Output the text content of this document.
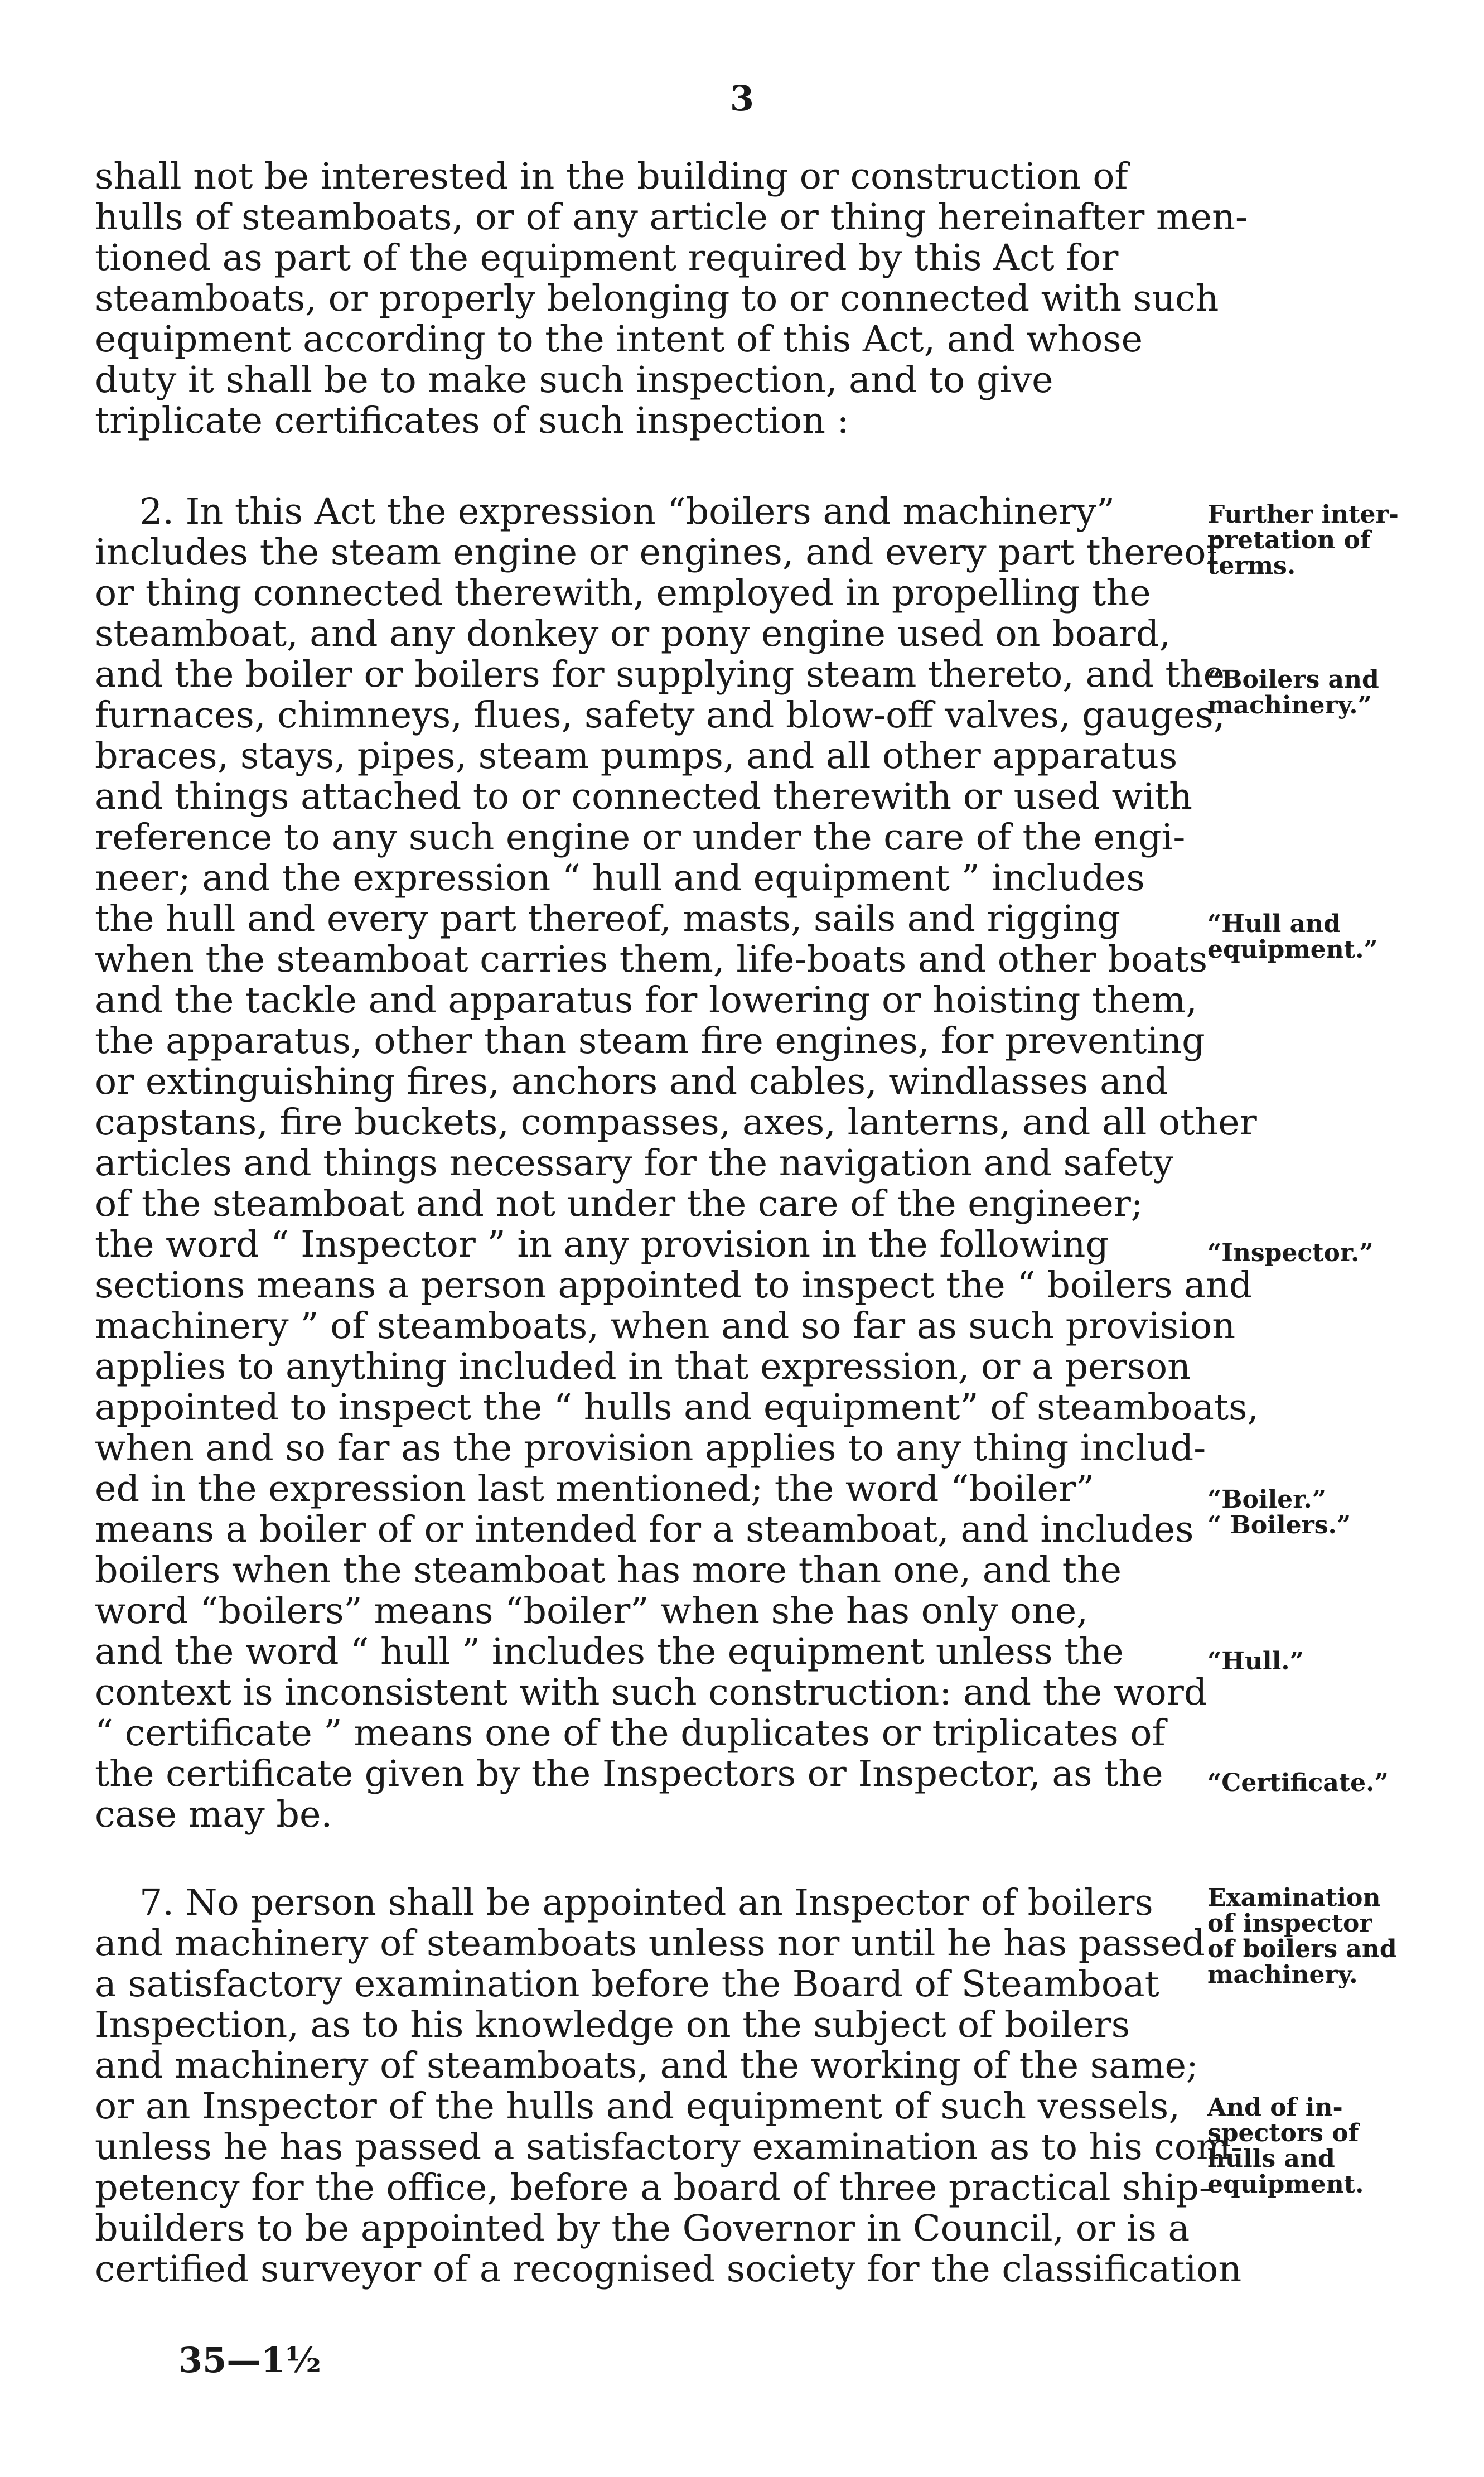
3
shall not be interested in the building or construction of
hulls of steamboats, or of any article or thing hereinafter men-
tioned as part of the equipment required by this Act for
steamboats, or properly belonging to or connected with such
equipment according to the intent of this Act, and whose
duty it shall be to make such inspection, and to give
triplicate certificates of such inspection :
2. In this Act the expression “boilers and machinery”
includes the steam engine or engines, and every part thereof
or thing connected therewith, employed in propelling the
steamboat, and any donkey or pony engine used on board,
and the boiler or boilers for supplying steam thereto, and the
furnaces, chimneys, flues, safety and blow-off valves, gauges,
braces, stays, pipes, steam pumps, and all other apparatus
and things attached to or connected therewith or used with
reference to any such engine or under the care of the engi-
neer; and the expression “ hull and equipment ” includes
the hull and every part thereof, masts, sails and rigging
when the steamboat carries them, life-boats and other boats
and the tackle and apparatus for lowering or hoisting them,
the apparatus, other than steam fire engines, for preventing
or extinguishing fires, anchors and cables, windlasses and
capstans, fire buckets, compasses, axes, lanterns, and all other
articles and things necessary for the navigation and safety
of the steamboat and not under the care of the engineer;
the word “ Inspector ” in any provision in the following
sections means a person appointed to inspect the “ boilers and
machinery ” of steamboats, when and so far as such provision
applies to anything included in that expression, or a person
appointed to inspect the “ hulls and equipment” of steamboats,
when and so far as the provision applies to any thing includ-
ed in the expression last mentioned; the word “boiler”
means a boiler of or intended for a steamboat, and includes
boilers when the steamboat has more than one, and the
word “boilers” means “boiler” when she has only one,
and the word “ hull ” includes the equipment unless the
context is inconsistent with such construction: and the word
“ certificate ” means one of the duplicates or triplicates of
the certificate given by the Inspectors or Inspector, as the
case may be.
7. No person shall be appointed an Inspector of boilers
and machinery of steamboats unless nor until he has passed
a satisfactory examination before the Board of Steamboat
Inspection, as to his knowledge on the subject of boilers
and machinery of steamboats, and the working of the same;
or an Inspector of the hulls and equipment of such vessels,
unless he has passed a satisfactory examination as to his com-
petency for the office, before a board of three practical ship-
builders to be appointed by the Governor in Council, or is a
certified surveyor of a recognised society for the classification
Further inter-
pretation of
terms.
“Boilers and
machinery.”
“Hull and
equipment.”
“Inspector.”
“Boiler.”
“ Boilers.”
“Hull.”
“Certificate.”
Examination
of inspector
of boilers and
machinery.
And of in-
spectors of
hulls and
equipment.
35—1½
